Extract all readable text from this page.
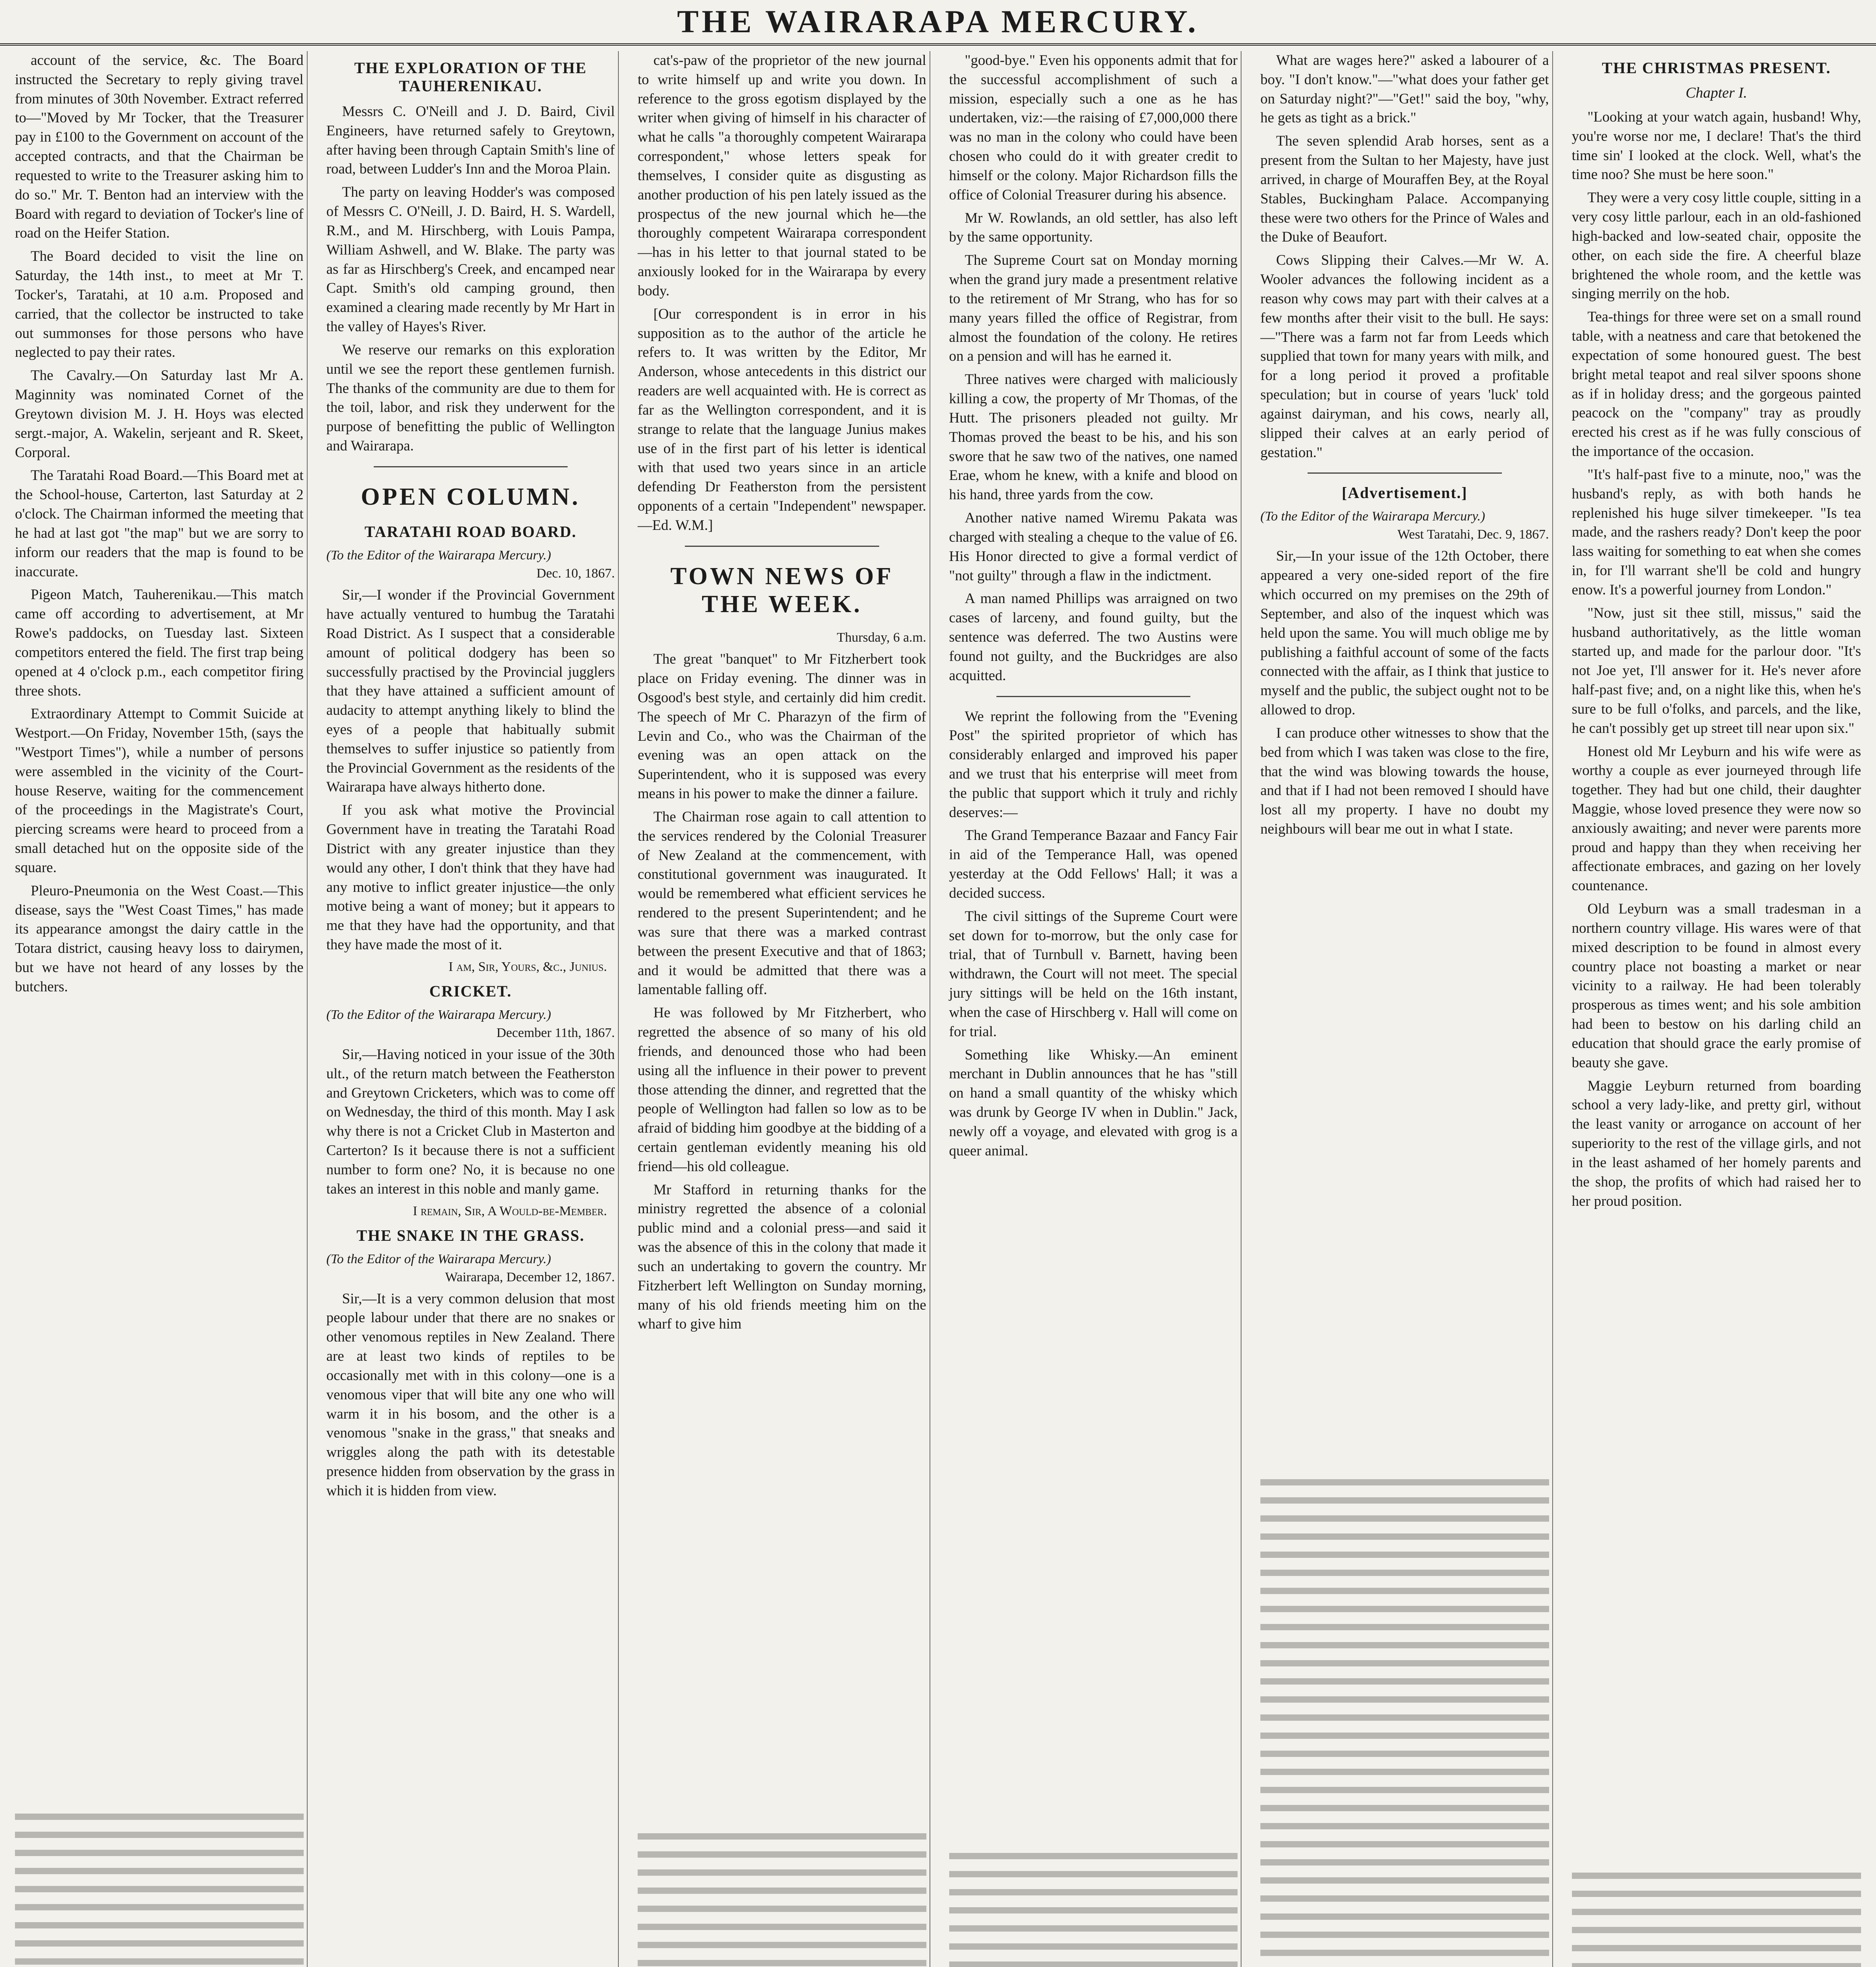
THE WAIRARAPA MERCURY.

account of the service, &c. The Board instructed the Secretary to reply giving travel from minutes of 30th November. Extract referred to—"Moved by Mr Tocker, that the Treasurer pay in £100 to the Government on account of the accepted contracts, and that the Chairman be requested to write to the Treasurer asking him to do so." Mr. T. Benton had an interview with the Board with regard to deviation of Tocker's line of road on the Heifer Station.

The Board decided to visit the line on Saturday, the 14th inst., to meet at Mr T. Tocker's, Taratahi, at 10 a.m. Proposed and carried, that the collector be instructed to take out summonses for those persons who have neglected to pay their rates.

The Cavalry.—On Saturday last Mr A. Maginnity was nominated Cornet of the Greytown division M. J. H. Hoys was elected sergt.-major, A. Wakelin, serjeant and R. Skeet, Corporal.

The Taratahi Road Board.—This Board met at the School-house, Carterton, last Saturday at 2 o'clock. The Chairman informed the meeting that he had at last got "the map" but we are sorry to inform our readers that the map is found to be inaccurate.

Pigeon Match, Tauherenikau.—This match came off according to advertisement, at Mr Rowe's paddocks, on Tuesday last. Sixteen competitors entered the field. The first trap being opened at 4 o'clock p.m., each competitor firing three shots.

Extraordinary Attempt to Commit Suicide at Westport.—On Friday, November 15th, (says the "Westport Times"), while a number of persons were assembled in the vicinity of the Court-house Reserve, waiting for the commencement of the proceedings in the Magistrate's Court, piercing screams were heard to proceed from a small detached hut on the opposite side of the square.

Pleuro-Pneumonia on the West Coast.—This disease, says the "West Coast Times," has made its appearance amongst the dairy cattle in the Totara district, causing heavy loss to dairymen, but we have not heard of any losses by the butchers.

THE EXPLORATION OF THE TAUHERENIKAU.

Messrs C. O'Neill and J. D. Baird, Civil Engineers, have returned safely to Greytown, after having been through Captain Smith's line of road, between Ludder's Inn and the Moroa Plain.

The party on leaving Hodder's was composed of Messrs C. O'Neill, J. D. Baird, H. S. Wardell, R.M., and M. Hirschberg, with Louis Pampa, William Ashwell, and W. Blake. The party was as far as Hirschberg's Creek, and encamped near Capt. Smith's old camping ground, then examined a clearing made recently by Mr Hart in the valley of Hayes's River.

We reserve our remarks on this exploration until we see the report these gentlemen furnish. The thanks of the community are due to them for the toil, labor, and risk they underwent for the purpose of benefitting the public of Wellington and Wairarapa.

OPEN COLUMN.
TARATAHI ROAD BOARD.
(To the Editor of the Wairarapa Mercury.)
Dec. 10, 1867.

Sir,—I wonder if the Provincial Government have actually ventured to humbug the Taratahi Road District. As I suspect that a considerable amount of political dodgery has been so successfully practised by the Provincial jugglers that they have attained a sufficient amount of audacity to attempt anything likely to blind the eyes of a people that habitually submit themselves to suffer injustice so patiently from the Provincial Government as the residents of the Wairarapa have always hitherto done.

If you ask what motive the Provincial Government have in treating the Taratahi Road District with any greater injustice than they would any other, I don't think that they have had any motive to inflict greater injustice—the only motive being a want of money; but it appears to me that they have had the opportunity, and that they have made the most of it.

I am, Sir, Yours, &c., Junius.
CRICKET.
(To the Editor of the Wairarapa Mercury.)
December 11th, 1867.

Sir,—Having noticed in your issue of the 30th ult., of the return match between the Featherston and Greytown Cricketers, which was to come off on Wednesday, the third of this month. May I ask why there is not a Cricket Club in Masterton and Carterton? Is it because there is not a sufficient number to form one? No, it is because no one takes an interest in this noble and manly game.

I remain, Sir, A Would-be-Member.
THE SNAKE IN THE GRASS.
(To the Editor of the Wairarapa Mercury.)
Wairarapa, December 12, 1867.

Sir,—It is a very common delusion that most people labour under that there are no snakes or other venomous reptiles in New Zealand. There are at least two kinds of reptiles to be occasionally met with in this colony—one is a venomous viper that will bite any one who will warm it in his bosom, and the other is a venomous "snake in the grass," that sneaks and wriggles along the path with its detestable presence hidden from observation by the grass in which it is hidden from view.

cat's-paw of the proprietor of the new journal to write himself up and write you down. In reference to the gross egotism displayed by the writer when giving of himself in his character of what he calls "a thoroughly competent Wairarapa correspondent," whose letters speak for themselves, I consider quite as disgusting as another production of his pen lately issued as the prospectus of the new journal which he—the thoroughly competent Wairarapa correspondent—has in his letter to that journal stated to be anxiously looked for in the Wairarapa by every body.

[Our correspondent is in error in his supposition as to the author of the article he refers to. It was written by the Editor, Mr Anderson, whose antecedents in this district our readers are well acquainted with. He is correct as far as the Wellington correspondent, and it is strange to relate that the language Junius makes use of in the first part of his letter is identical with that used two years since in an article defending Dr Featherston from the persistent opponents of a certain "Independent" newspaper.—Ed. W.M.]

TOWN NEWS OF THE WEEK.
Thursday, 6 a.m.

The great "banquet" to Mr Fitzherbert took place on Friday evening. The dinner was in Osgood's best style, and certainly did him credit. The speech of Mr C. Pharazyn of the firm of Levin and Co., who was the Chairman of the evening was an open attack on the Superintendent, who it is supposed was every means in his power to make the dinner a failure.

The Chairman rose again to call attention to the services rendered by the Colonial Treasurer of New Zealand at the commencement, with constitutional government was inaugurated. It would be remembered what efficient services he rendered to the present Superintendent; and he was sure that there was a marked contrast between the present Executive and that of 1863; and it would be admitted that there was a lamentable falling off.

He was followed by Mr Fitzherbert, who regretted the absence of so many of his old friends, and denounced those who had been using all the influence in their power to prevent those attending the dinner, and regretted that the people of Wellington had fallen so low as to be afraid of bidding him goodbye at the bidding of a certain gentleman evidently meaning his old friend—his old colleague.

Mr Stafford in returning thanks for the ministry regretted the absence of a colonial public mind and a colonial press—and said it was the absence of this in the colony that made it such an undertaking to govern the country. Mr Fitzherbert left Wellington on Sunday morning, many of his old friends meeting him on the wharf to give him

"good-bye." Even his opponents admit that for the successful accomplishment of such a mission, especially such a one as he has undertaken, viz:—the raising of £7,000,000 there was no man in the colony who could have been chosen who could do it with greater credit to himself or the colony. Major Richardson fills the office of Colonial Treasurer during his absence.

Mr W. Rowlands, an old settler, has also left by the same opportunity.

The Supreme Court sat on Monday morning when the grand jury made a presentment relative to the retirement of Mr Strang, who has for so many years filled the office of Registrar, from almost the foundation of the colony. He retires on a pension and will has he earned it.

Three natives were charged with maliciously killing a cow, the property of Mr Thomas, of the Hutt. The prisoners pleaded not guilty. Mr Thomas proved the beast to be his, and his son swore that he saw two of the natives, one named Erae, whom he knew, with a knife and blood on his hand, three yards from the cow.

Another native named Wiremu Pakata was charged with stealing a cheque to the value of £6. His Honor directed to give a formal verdict of "not guilty" through a flaw in the indictment.

A man named Phillips was arraigned on two cases of larceny, and found guilty, but the sentence was deferred. The two Austins were found not guilty, and the Buckridges are also acquitted.

We reprint the following from the "Evening Post" the spirited proprietor of which has considerably enlarged and improved his paper and we trust that his enterprise will meet from the public that support which it truly and richly deserves:—

The Grand Temperance Bazaar and Fancy Fair in aid of the Temperance Hall, was opened yesterday at the Odd Fellows' Hall; it was a decided success.

The civil sittings of the Supreme Court were set down for to-morrow, but the only case for trial, that of Turnbull v. Barnett, having been withdrawn, the Court will not meet. The special jury sittings will be held on the 16th instant, when the case of Hirschberg v. Hall will come on for trial.

Something like Whisky.—An eminent merchant in Dublin announces that he has "still on hand a small quantity of the whisky which was drunk by George IV when in Dublin." Jack, newly off a voyage, and elevated with grog is a queer animal.

What are wages here?" asked a labourer of a boy. "I don't know."—"what does your father get on Saturday night?"—"Get!" said the boy, "why, he gets as tight as a brick."

The seven splendid Arab horses, sent as a present from the Sultan to her Majesty, have just arrived, in charge of Mouraffen Bey, at the Royal Stables, Buckingham Palace. Accompanying these were two others for the Prince of Wales and the Duke of Beaufort.

Cows Slipping their Calves.—Mr W. A. Wooler advances the following incident as a reason why cows may part with their calves at a few months after their visit to the bull. He says:—"There was a farm not far from Leeds which supplied that town for many years with milk, and for a long period it proved a profitable speculation; but in course of years 'luck' told against dairyman, and his cows, nearly all, slipped their calves at an early period of gestation."

[Advertisement.]
(To the Editor of the Wairarapa Mercury.)
West Taratahi, Dec. 9, 1867.

Sir,—In your issue of the 12th October, there appeared a very one-sided report of the fire which occurred on my premises on the 29th of September, and also of the inquest which was held upon the same. You will much oblige me by publishing a faithful account of some of the facts connected with the affair, as I think that justice to myself and the public, the subject ought not to be allowed to drop.

I can produce other witnesses to show that the bed from which I was taken was close to the fire, that the wind was blowing towards the house, and that if I had not been removed I should have lost all my property. I have no doubt my neighbours will bear me out in what I state.

THE CHRISTMAS PRESENT.
Chapter I.

"Looking at your watch again, husband! Why, you're worse nor me, I declare! That's the third time sin' I looked at the clock. Well, what's the time noo? She must be here soon."

They were a very cosy little couple, sitting in a very cosy little parlour, each in an old-fashioned high-backed and low-seated chair, opposite the other, on each side the fire. A cheerful blaze brightened the whole room, and the kettle was singing merrily on the hob.

Tea-things for three were set on a small round table, with a neatness and care that betokened the expectation of some honoured guest. The best bright metal teapot and real silver spoons shone as if in holiday dress; and the gorgeous painted peacock on the "company" tray as proudly erected his crest as if he was fully conscious of the importance of the occasion.

"It's half-past five to a minute, noo," was the husband's reply, as with both hands he replenished his huge silver timekeeper. "Is tea made, and the rashers ready? Don't keep the poor lass waiting for something to eat when she comes in, for I'll warrant she'll be cold and hungry enow. It's a powerful journey from London."

"Now, just sit thee still, missus," said the husband authoritatively, as the little woman started up, and made for the parlour door. "It's not Joe yet, I'll answer for it. He's never afore half-past five; and, on a night like this, when he's sure to be full o'folks, and parcels, and the like, he can't possibly get up street till near upon six."

Honest old Mr Leyburn and his wife were as worthy a couple as ever journeyed through life together. They had but one child, their daughter Maggie, whose loved presence they were now so anxiously awaiting; and never were parents more proud and happy than they when receiving her affectionate embraces, and gazing on her lovely countenance.

Old Leyburn was a small tradesman in a northern country village. His wares were of that mixed description to be found in almost every country place not boasting a market or near vicinity to a railway. He had been tolerably prosperous as times went; and his sole ambition had been to bestow on his darling child an education that should grace the early promise of beauty she gave.

Maggie Leyburn returned from boarding school a very lady-like, and pretty girl, without the least vanity or arrogance on account of her superiority to the rest of the village girls, and not in the least ashamed of her homely parents and the shop, the profits of which had raised her to her proud position.
